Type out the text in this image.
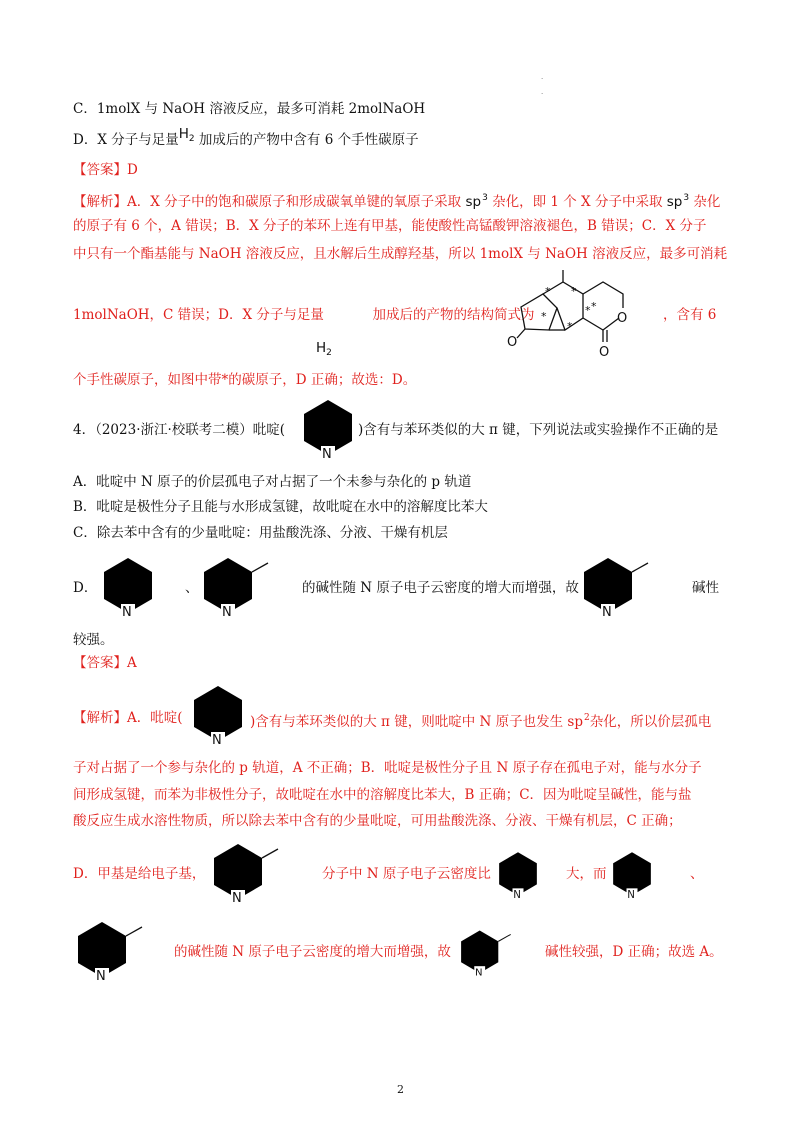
.
.
C．1molX 与 NaOH 溶液反应，最多可消耗 2molNaOH
D．X 分子与足量$H_2$ 加成后的产物中含有 6 个手性碳原子
【答案】D
【解析】A．X 分子中的饱和碳原子和形成碳氧单键的氧原子采取 $sp^3$ 杂化，即 1 个 X 分子中采取 $sp^3$ 杂化
的原子有 6 个，A 错误；B．X 分子的苯环上连有甲基，能使酸性高锰酸钾溶液褪色，B 错误；C．X 分子
中只有一个酯基能与 NaOH 溶液反应，且水解后生成醇羟基，所以 1molX 与 NaOH 溶液反应，最多可消耗
1molNaOH，C 错误；D．X 分子与足量	加成后的产物的结构简式为	，含有 6
$H_2$
O
O
O
* *
*
*
*
*
个手性碳原子，如图中带*的碳原子，D 正确；故选：D。
4．（2023·浙江·校联考二模）吡啶(
N
)含有与苯环类似的大 π 键，下列说法或实验操作不正确的是
A．吡啶中 N 原子的价层孤电子对占据了一个未参与杂化的 p 轨道
B．吡啶是极性分子且能与水形成氢键，故吡啶在水中的溶解度比苯大
C．除去苯中含有的少量吡啶：用盐酸洗涤、分液、干燥有机层
D．
N
、
N
的碱性随 N 原子电子云密度的增大而增强，故
N
碱性
较强。
【答案】A
【解析】A．吡啶(
N
)含有与苯环类似的大 π 键，则吡啶中 N 原子也发生 $sp^2$杂化，所以价层孤电
子对占据了一个参与杂化的 p 轨道，A 不正确；B．吡啶是极性分子且 N 原子存在孤电子对，能与水分子
间形成氢键，而苯为非极性分子，故吡啶在水中的溶解度比苯大，B 正确；C．因为吡啶呈碱性，能与盐
酸反应生成水溶性物质，所以除去苯中含有的少量吡啶，可用盐酸洗涤、分液、干燥有机层，C 正确；
D．甲基是给电子基，
N
分子中 N 原子电子云密度比
N
大，而
N
、
N
的碱性随 N 原子电子云密度的增大而增强，故
N
碱性较强，D 正确；故选 A。
2
